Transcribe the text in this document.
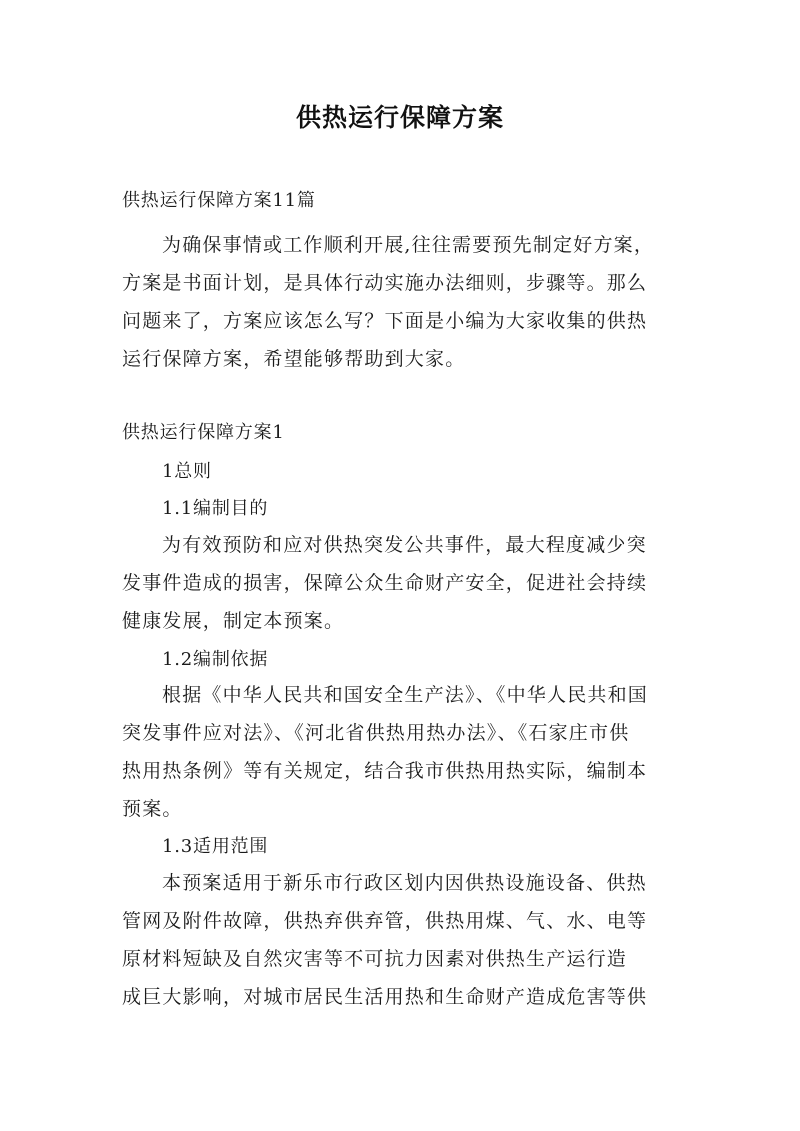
供热运行保障方案
供热运行保障方案11篇
为确保事情或工作顺利开展,往往需要预先制定好方案，
方案是书面计划，是具体行动实施办法细则，步骤等。那么
问题来了，方案应该怎么写？下面是小编为大家收集的供热
运行保障方案，希望能够帮助到大家。
供热运行保障方案1
1总则
1.1编制目的
为有效预防和应对供热突发公共事件，最大程度减少突
发事件造成的损害，保障公众生命财产安全，促进社会持续
健康发展，制定本预案。
1.2编制依据
根据《中华人民共和国安全生产法》、《中华人民共和国
突发事件应对法》、《河北省供热用热办法》、《石家庄市供
热用热条例》等有关规定，结合我市供热用热实际，编制本
预案。
1.3适用范围
本预案适用于新乐市行政区划内因供热设施设备、供热
管网及附件故障，供热弃供弃管，供热用煤、气、水、电等
原材料短缺及自然灾害等不可抗力因素对供热生产运行造
成巨大影响，对城市居民生活用热和生命财产造成危害等供
